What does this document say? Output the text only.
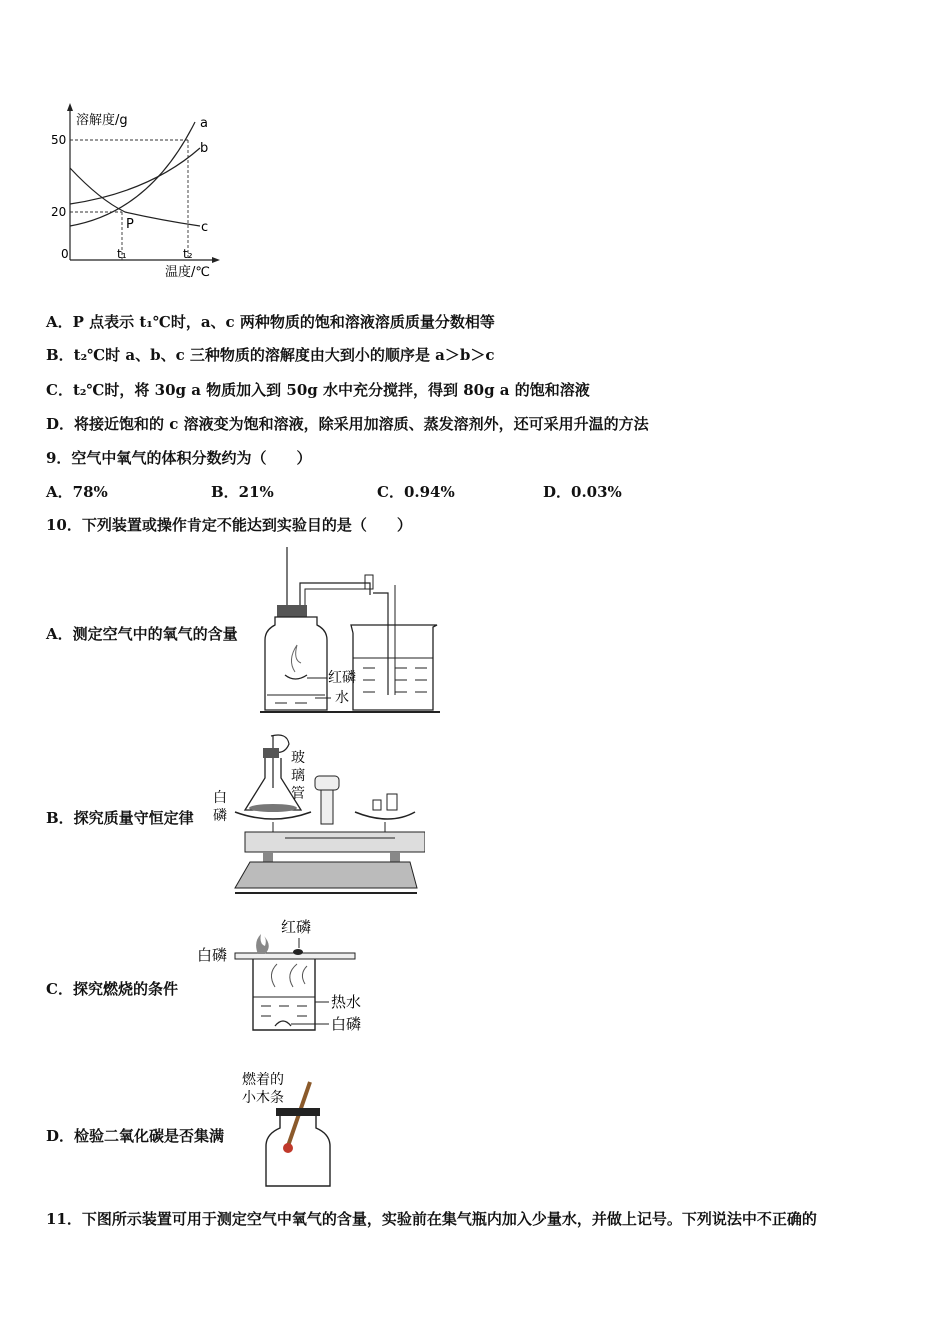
溶解度/g
50
20
0	t₁	t₂
温度/℃
P
a
b
c
A．P 点表示 t₁℃时，a、c 两种物质的饱和溶液溶质质量分数相等
B．t₂℃时 a、b、c 三种物质的溶解度由大到小的顺序是 a＞b＞c
C．t₂℃时，将 30g a 物质加入到 50g 水中充分搅拌，得到 80g a 的饱和溶液
D．将接近饱和的 c 溶液变为饱和溶液，除采用加溶质、蒸发溶剂外，还可采用升温的方法
9．空气中氧气的体积分数约为（　　）
A．78%	B．21%	C．0.94%	D．0.03%
10．下列装置或操作肯定不能达到实验目的是（　　）
A．测定空气中的氧气的含量
红磷
水
B．探究质量守恒定律
玻
璃
管
白
磷
C．探究燃烧的条件
红磷
白磷
热水
白磷
D．检验二氧化碳是否集满
燃着的
小木条
11．下图所示装置可用于测定空气中氧气的含量，实验前在集气瓶内加入少量水，并做上记号。下列说法中不正确的
